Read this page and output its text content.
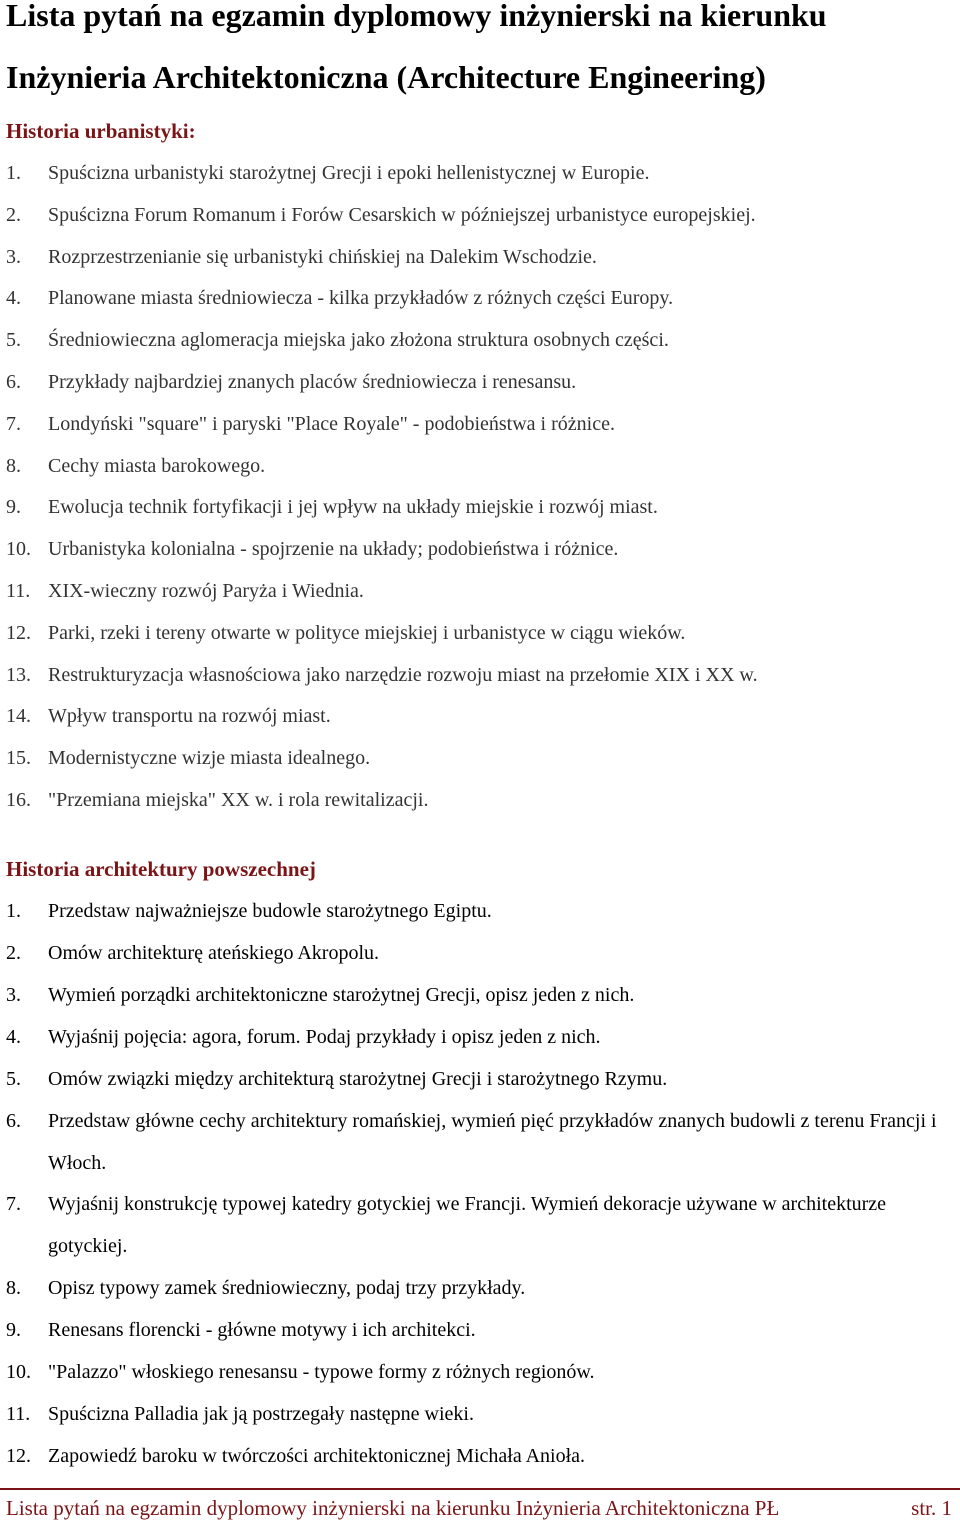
Lista pytań na egzamin dyplomowy inżynierski na kierunku
Inżynieria Architektoniczna (Architecture Engineering)
Historia urbanistyki:
1. Spuścizna urbanistyki starożytnej Grecji i epoki hellenistycznej w Europie.
2. Spuścizna Forum Romanum i Forów Cesarskich w późniejszej urbanistyce europejskiej.
3. Rozprzestrzenianie się urbanistyki chińskiej na Dalekim Wschodzie.
4. Planowane miasta średniowiecza - kilka przykładów z różnych części Europy.
5. Średniowieczna aglomeracja miejska jako złożona struktura osobnych części.
6. Przykłady najbardziej znanych placów średniowiecza i renesansu.
7. Londyński "square" i paryski "Place Royale" - podobieństwa i różnice.
8. Cechy miasta barokowego.
9. Ewolucja technik fortyfikacji i jej wpływ na układy miejskie i rozwój miast.
10. Urbanistyka kolonialna - spojrzenie na układy; podobieństwa i różnice.
11. XIX-wieczny rozwój Paryża i Wiednia.
12. Parki, rzeki i tereny otwarte w polityce miejskiej i urbanistyce w ciągu wieków.
13. Restrukturyzacja własnościowa jako narzędzie rozwoju miast na przełomie XIX i XX w.
14. Wpływ transportu na rozwój miast.
15. Modernistyczne wizje miasta idealnego.
16. "Przemiana miejska" XX w. i rola rewitalizacji.
Historia architektury powszechnej
1. Przedstaw najważniejsze budowle starożytnego Egiptu.
2. Omów architekturę ateńskiego Akropolu.
3. Wymień porządki architektoniczne starożytnej Grecji, opisz jeden z nich.
4. Wyjaśnij pojęcia: agora, forum. Podaj przykłady i opisz jeden z nich.
5. Omów związki między architekturą starożytnej Grecji i starożytnego Rzymu.
6. Przedstaw główne cechy architektury romańskiej, wymień pięć przykładów znanych budowli z terenu Francji i Włoch.
7. Wyjaśnij konstrukcję typowej katedry gotyckiej we Francji. Wymień dekoracje używane w architekturze gotyckiej.
8. Opisz typowy zamek średniowieczny, podaj trzy przykłady.
9. Renesans florencki - główne motywy i ich architekci.
10. "Palazzo" włoskiego renesansu - typowe formy z różnych regionów.
11. Spuścizna Palladia jak ją postrzegały następne wieki.
12. Zapowiedź baroku w twórczości architektonicznej Michała Anioła.
Lista pytań na egzamin dyplomowy inżynierski na kierunku Inżynieria Architektoniczna PŁ	str. 1
